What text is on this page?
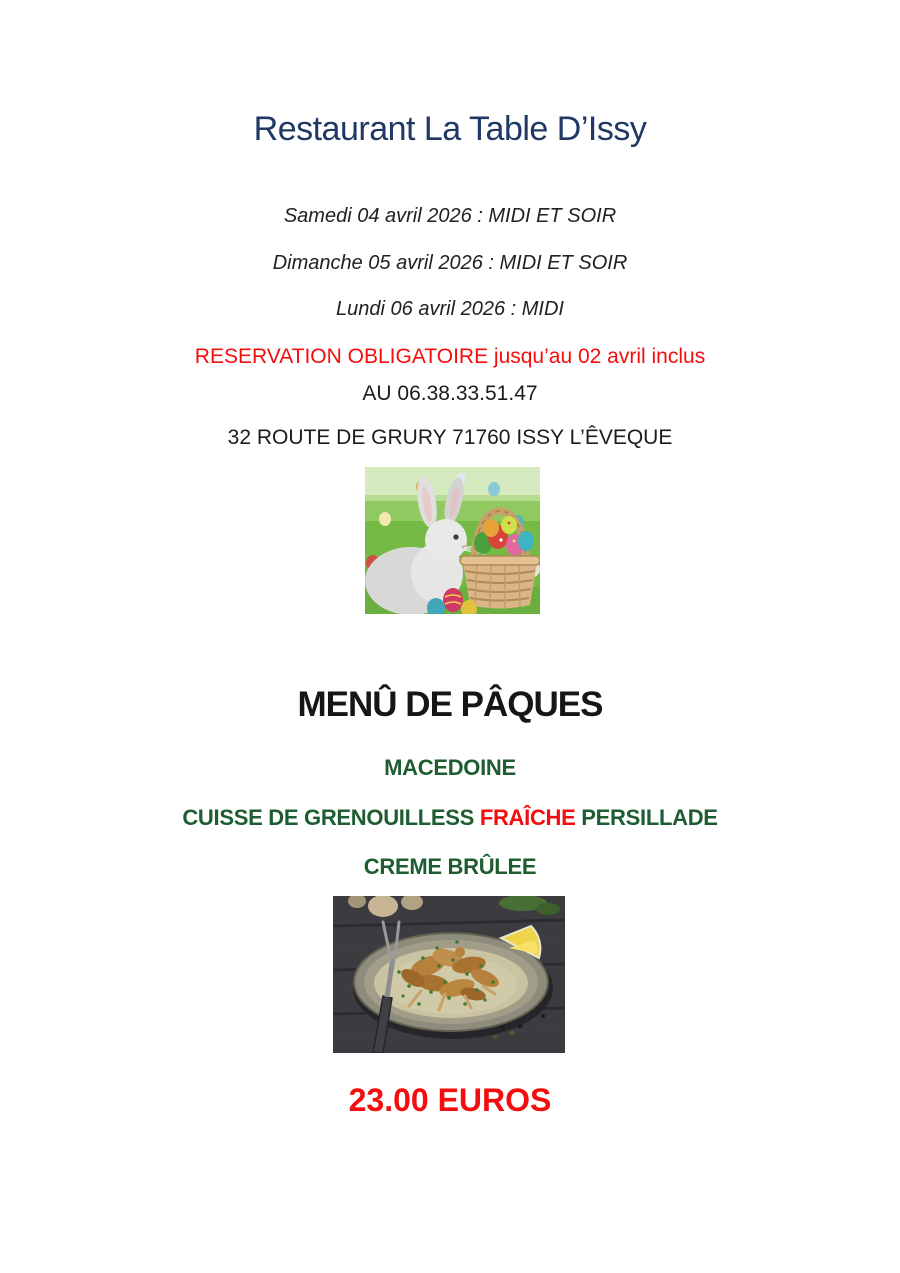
Restaurant La Table D’Issy
Samedi 04 avril 2026 : MIDI ET SOIR
Dimanche 05 avril 2026 : MIDI ET SOIR
Lundi 06 avril 2026 : MIDI
RESERVATION OBLIGATOIRE jusqu’au 02 avril inclus
AU 06.38.33.51.47
32 ROUTE DE GRURY 71760 ISSY L’ÊVEQUE
MENÛ DE PÂQUES
MACEDOINE
CUISSE DE GRENOUILLESS FRAÎCHE PERSILLADE
CREME BRÛLEE
23.00 EUROS
